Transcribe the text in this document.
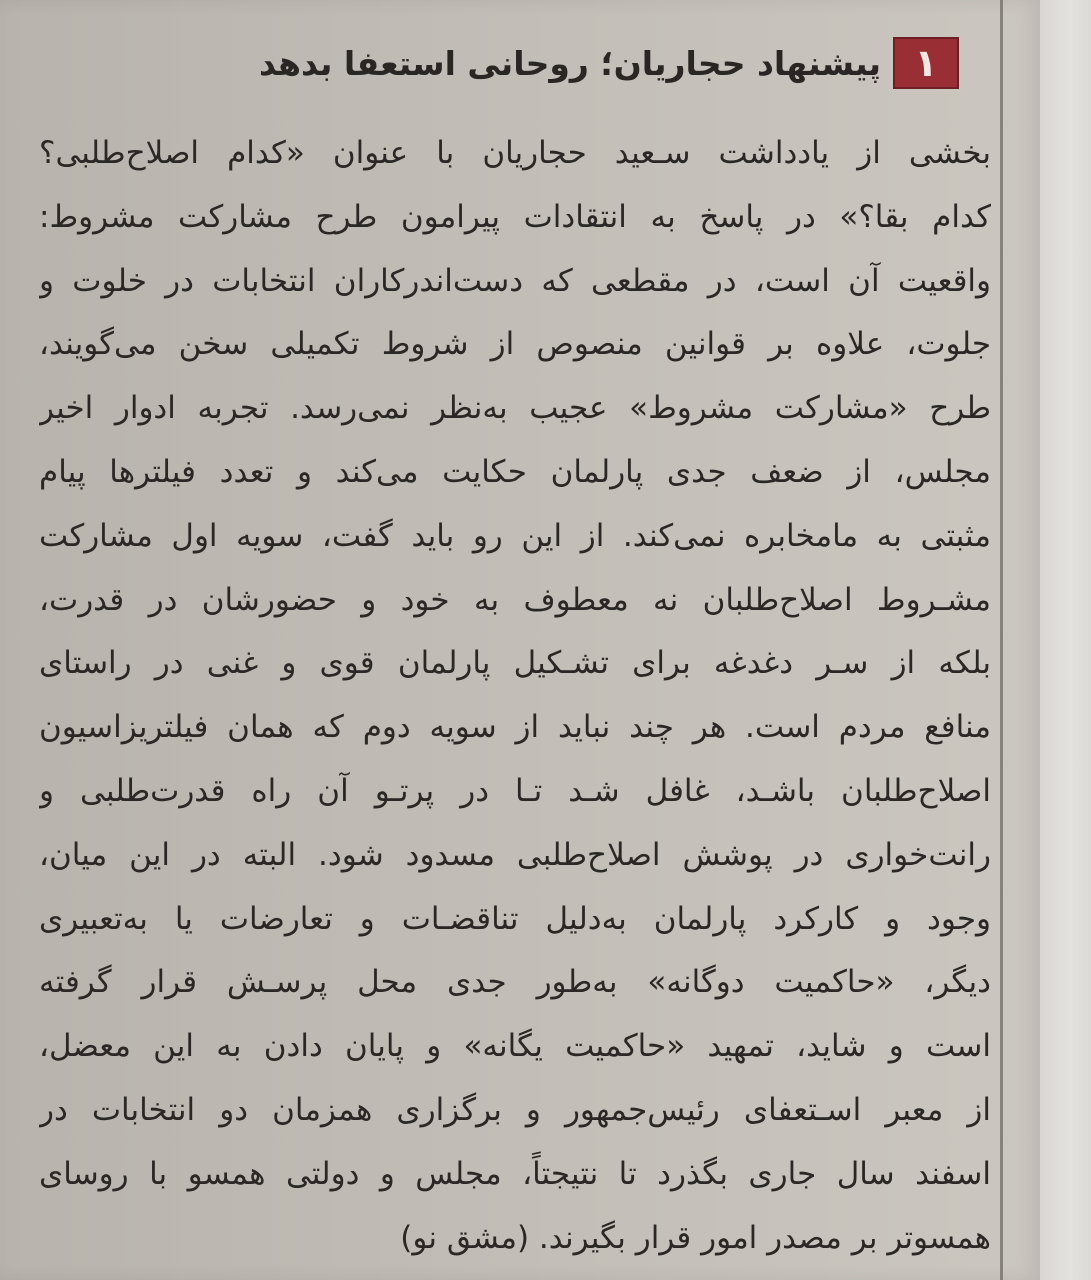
۱
پیشنهاد حجاریان؛ روحانی استعفا بدهد
بخشی از یادداشت سـعید حجاریان با عنوان «کدام اصلاح‌طلبی؟
کدام بقا؟» در پاسخ به انتقادات پیرامون طرح مشارکت مشروط:
واقعیت آن است، در مقطعی که دست‌اندرکاران انتخابات در خلوت و
جلوت، علاوه بر قوانین منصوص از شروط تکمیلی سخن می‌گویند،
طرح «مشارکت مشروط» عجیب به‌نظر نمی‌رسد. تجربه ادوار اخیر
مجلس، از ضعف جدی پارلمان حکایت می‌کند و تعدد فیلترها پیام
مثبتی به مامخابره نمی‌کند. از این رو باید گفت، سویه اول مشارکت
مشـروط اصلاح‌طلبان نه معطوف به خود و حضورشان در قدرت،
بلکه از سـر دغدغه برای تشـکیل پارلمان قوی و غنی در راستای
منافع مردم است. هر چند نباید از سویه دوم که همان فیلتریزاسیون
اصلاح‌طلبان باشـد، غافل شـد تـا در پرتـو آن راه قدرت‌طلبی و
رانت‌خواری در پوشش اصلاح‌طلبی مسدود شود. البته در این میان،
وجود و کارکرد پارلمان به‌دلیل تناقضـات و تعارضات یا به‌تعبیری
دیگر، «حاکمیت دوگانه» به‌طور جدی محل پرسـش قرار گرفته
است و شاید، تمهید «حاکمیت یگانه» و پایان دادن به این معضل،
از معبر اسـتعفای رئیس‌جمهور و برگزاری همزمان دو انتخابات در
اسفند سال جاری بگذرد تا نتیجتاً، مجلس و دولتی همسو با روسای
همسوتر بر مصدر امور قرار بگیرند. (مشق نو)
